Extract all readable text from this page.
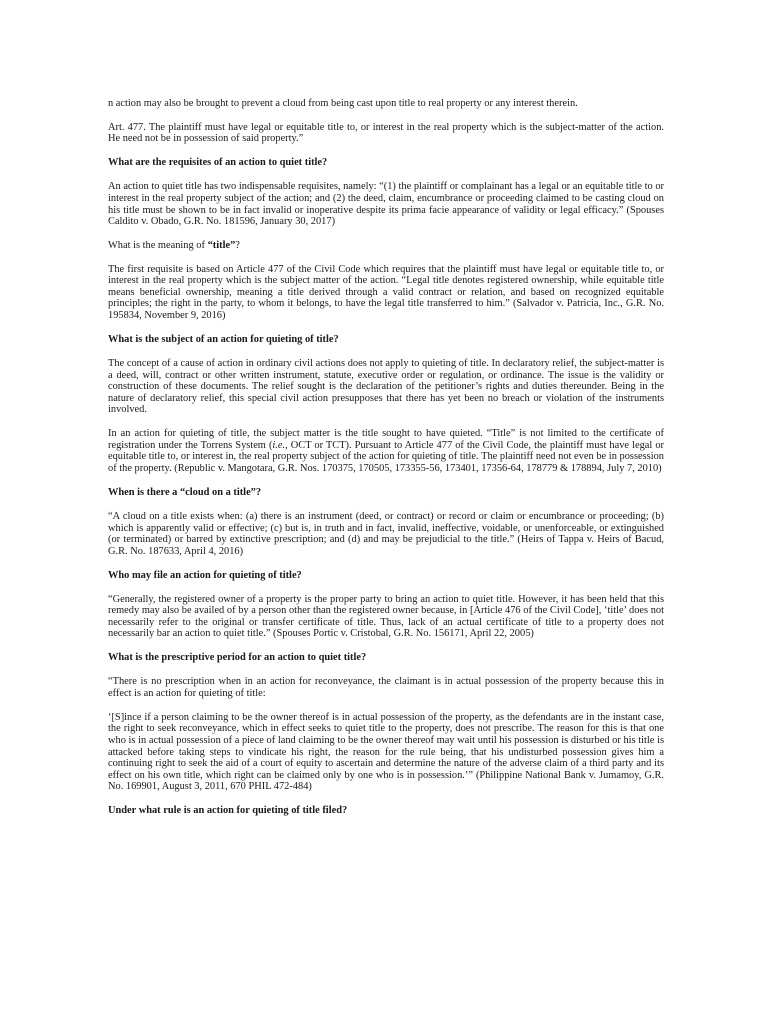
n action may also be brought to prevent a cloud from being cast upon title to real property or any interest therein.

Art. 477. The plaintiff must have legal or equitable title to, or interest in the real property which is the subject-matter of the action. He need not be in possession of said property.”

What are the requisites of an action to quiet title?

An action to quiet title has two indispensable requisites, namely: “(1) the plaintiff or complainant has a legal or an equitable title to or interest in the real property subject of the action; and (2) the deed, claim, encumbrance or proceeding claimed to be casting cloud on his title must be shown to be in fact invalid or inoperative despite its prima facie appearance of validity or legal efficacy.” (Spouses Caldito v. Obado, G.R. No. 181596, January 30, 2017)

What is the meaning of “title”?

The first requisite is based on Article 477 of the Civil Code which requires that the plaintiff must have legal or equitable title to, or interest in the real property which is the subject matter of the action. “Legal title denotes registered ownership, while equitable title means beneficial ownership, meaning a title derived through a valid contract or relation, and based on recognized equitable principles; the right in the party, to whom it belongs, to have the legal title transferred to him.” (Salvador v. Patricia, Inc., G.R. No. 195834, November 9, 2016)

What is the subject of an action for quieting of title?

The concept of a cause of action in ordinary civil actions does not apply to quieting of title. In declaratory relief, the subject-matter is a deed, will, contract or other written instrument, statute, executive order or regulation, or ordinance. The issue is the validity or construction of these documents. The relief sought is the declaration of the petitioner’s rights and duties thereunder. Being in the nature of declaratory relief, this special civil action presupposes that there has yet been no breach or violation of the instruments involved.

In an action for quieting of title, the subject matter is the title sought to have quieted. “Title” is not limited to the certificate of registration under the Torrens System (i.e., OCT or TCT). Pursuant to Article 477 of the Civil Code, the plaintiff must have legal or equitable title to, or interest in, the real property subject of the action for quieting of title. The plaintiff need not even be in possession of the property. (Republic v. Mangotara, G.R. Nos. 170375, 170505, 173355-56, 173401, 17356-64, 178779 & 178894, July 7, 2010)

When is there a “cloud on a title”?

“A cloud on a title exists when: (a) there is an instrument (deed, or contract) or record or claim or encumbrance or proceeding; (b) which is apparently valid or effective; (c) but is, in truth and in fact, invalid, ineffective, voidable, or unenforceable, or extinguished (or terminated) or barred by extinctive prescription; and (d) and may be prejudicial to the title.” (Heirs of Tappa v. Heirs of Bacud, G.R. No. 187633, April 4, 2016)

Who may file an action for quieting of title?

“Generally, the registered owner of a property is the proper party to bring an action to quiet title. However, it has been held that this remedy may also be availed of by a person other than the registered owner because, in [Article 476 of the Civil Code], ‘title’ does not necessarily refer to the original or transfer certificate of title. Thus, lack of an actual certificate of title to a property does not necessarily bar an action to quiet title.” (Spouses Portic v. Cristobal, G.R. No. 156171, April 22, 2005)

What is the prescriptive period for an action to quiet title?

“There is no prescription when in an action for reconveyance, the claimant is in actual possession of the property because this in effect is an action for quieting of title:

‘[S]ince if a person claiming to be the owner thereof is in actual possession of the property, as the defendants are in the instant case, the right to seek reconveyance, which in effect seeks to quiet title to the property, does not prescribe. The reason for this is that one who is in actual possession of a piece of land claiming to be the owner thereof may wait until his possession is disturbed or his title is attacked before taking steps to vindicate his right, the reason for the rule being, that his undisturbed possession gives him a continuing right to seek the aid of a court of equity to ascertain and determine the nature of the adverse claim of a third party and its effect on his own title, which right can be claimed only by one who is in possession.’” (Philippine National Bank v. Jumamoy, G.R. No. 169901, August 3, 2011, 670 PHIL 472-484)

Under what rule is an action for quieting of title filed?
